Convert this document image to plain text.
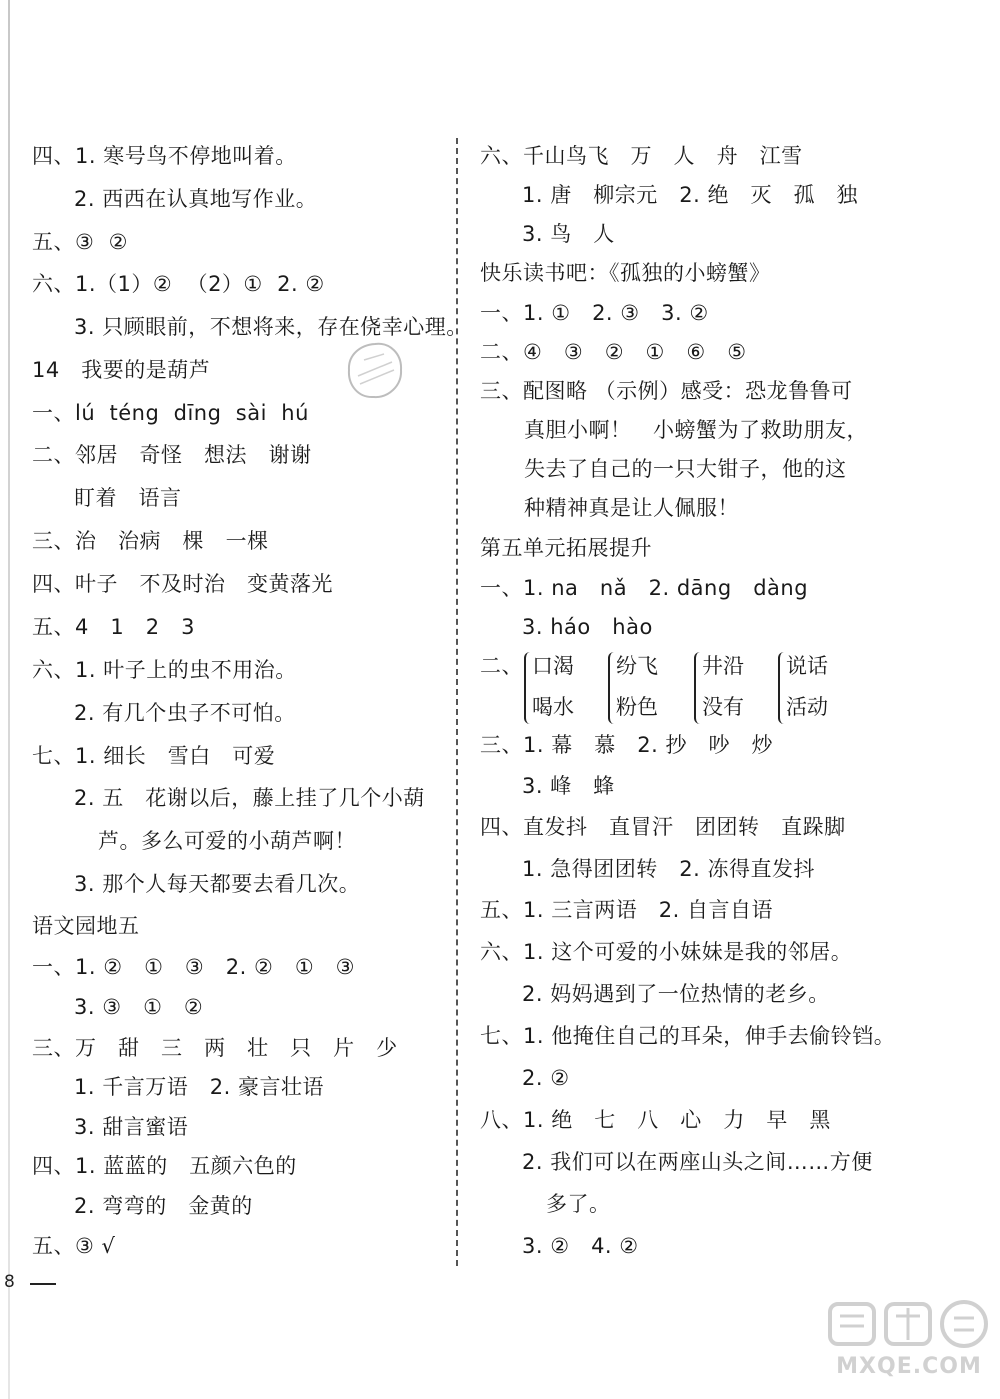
四、1. 寒号鸟不停地叫着。
2. 西西在认真地写作业。
五、③  ②
六、1.（1）②  （2）①  2. ②
3. 只顾眼前，不想将来，存在侥幸心理。
14   我要的是葫芦
一、lú  téng  dīng  sài  hú
二、邻居   奇怪   想法   谢谢
盯着   语言
三、治   治病   棵   一棵
四、叶子   不及时治   变黄落光
五、4   1   2   3
六、1. 叶子上的虫不用治。
2. 有几个虫子不可怕。
七、1. 细长   雪白   可爱
2. 五   花谢以后，藤上挂了几个小葫
芦。多么可爱的小葫芦啊！
3. 那个人每天都要去看几次。
语文园地五
一、1. ②   ①   ③   2. ②   ①   ③
3. ③   ①   ②
三、万   甜   三   两   壮   只   片   少
1. 千言万语   2. 豪言壮语
3. 甜言蜜语
四、1. 蓝蓝的   五颜六色的
2. 弯弯的   金黄的
五、③ √
六、千山鸟飞   万   人   舟   江雪
1. 唐   柳宗元   2. 绝   灭   孤   独
3. 鸟   人
快乐读书吧：《孤独的小螃蟹》
一、1. ①   2. ③   3. ②
二、④   ③   ②   ①   ⑥   ⑤
三、配图略 （示例）感受：恐龙鲁鲁可
真胆小啊！   小螃蟹为了救助朋友，
失去了自己的一只大钳子，他的这
种精神真是让人佩服！
第五单元拓展提升
一、1. na   nǎ   2. dāng   dàng
3. háo   hào
二、 口渴
喝水
纷飞
粉色
井沿
没有
说话
活动
三、1. 幕   慕   2. 抄   吵   炒
3. 峰   蜂
四、直发抖   直冒汗   团团转   直跺脚
1. 急得团团转   2. 冻得直发抖
五、1. 三言两语   2. 自言自语
六、1. 这个可爱的小妹妹是我的邻居。
2. 妈妈遇到了一位热情的老乡。
七、1. 他掩住自己的耳朵，伸手去偷铃铛。
2. ②
八、1. 绝   七   八   心   力   早   黑
2. 我们可以在两座山头之间……方便
多了。
3. ②   4. ②
8
MXQE.COM
